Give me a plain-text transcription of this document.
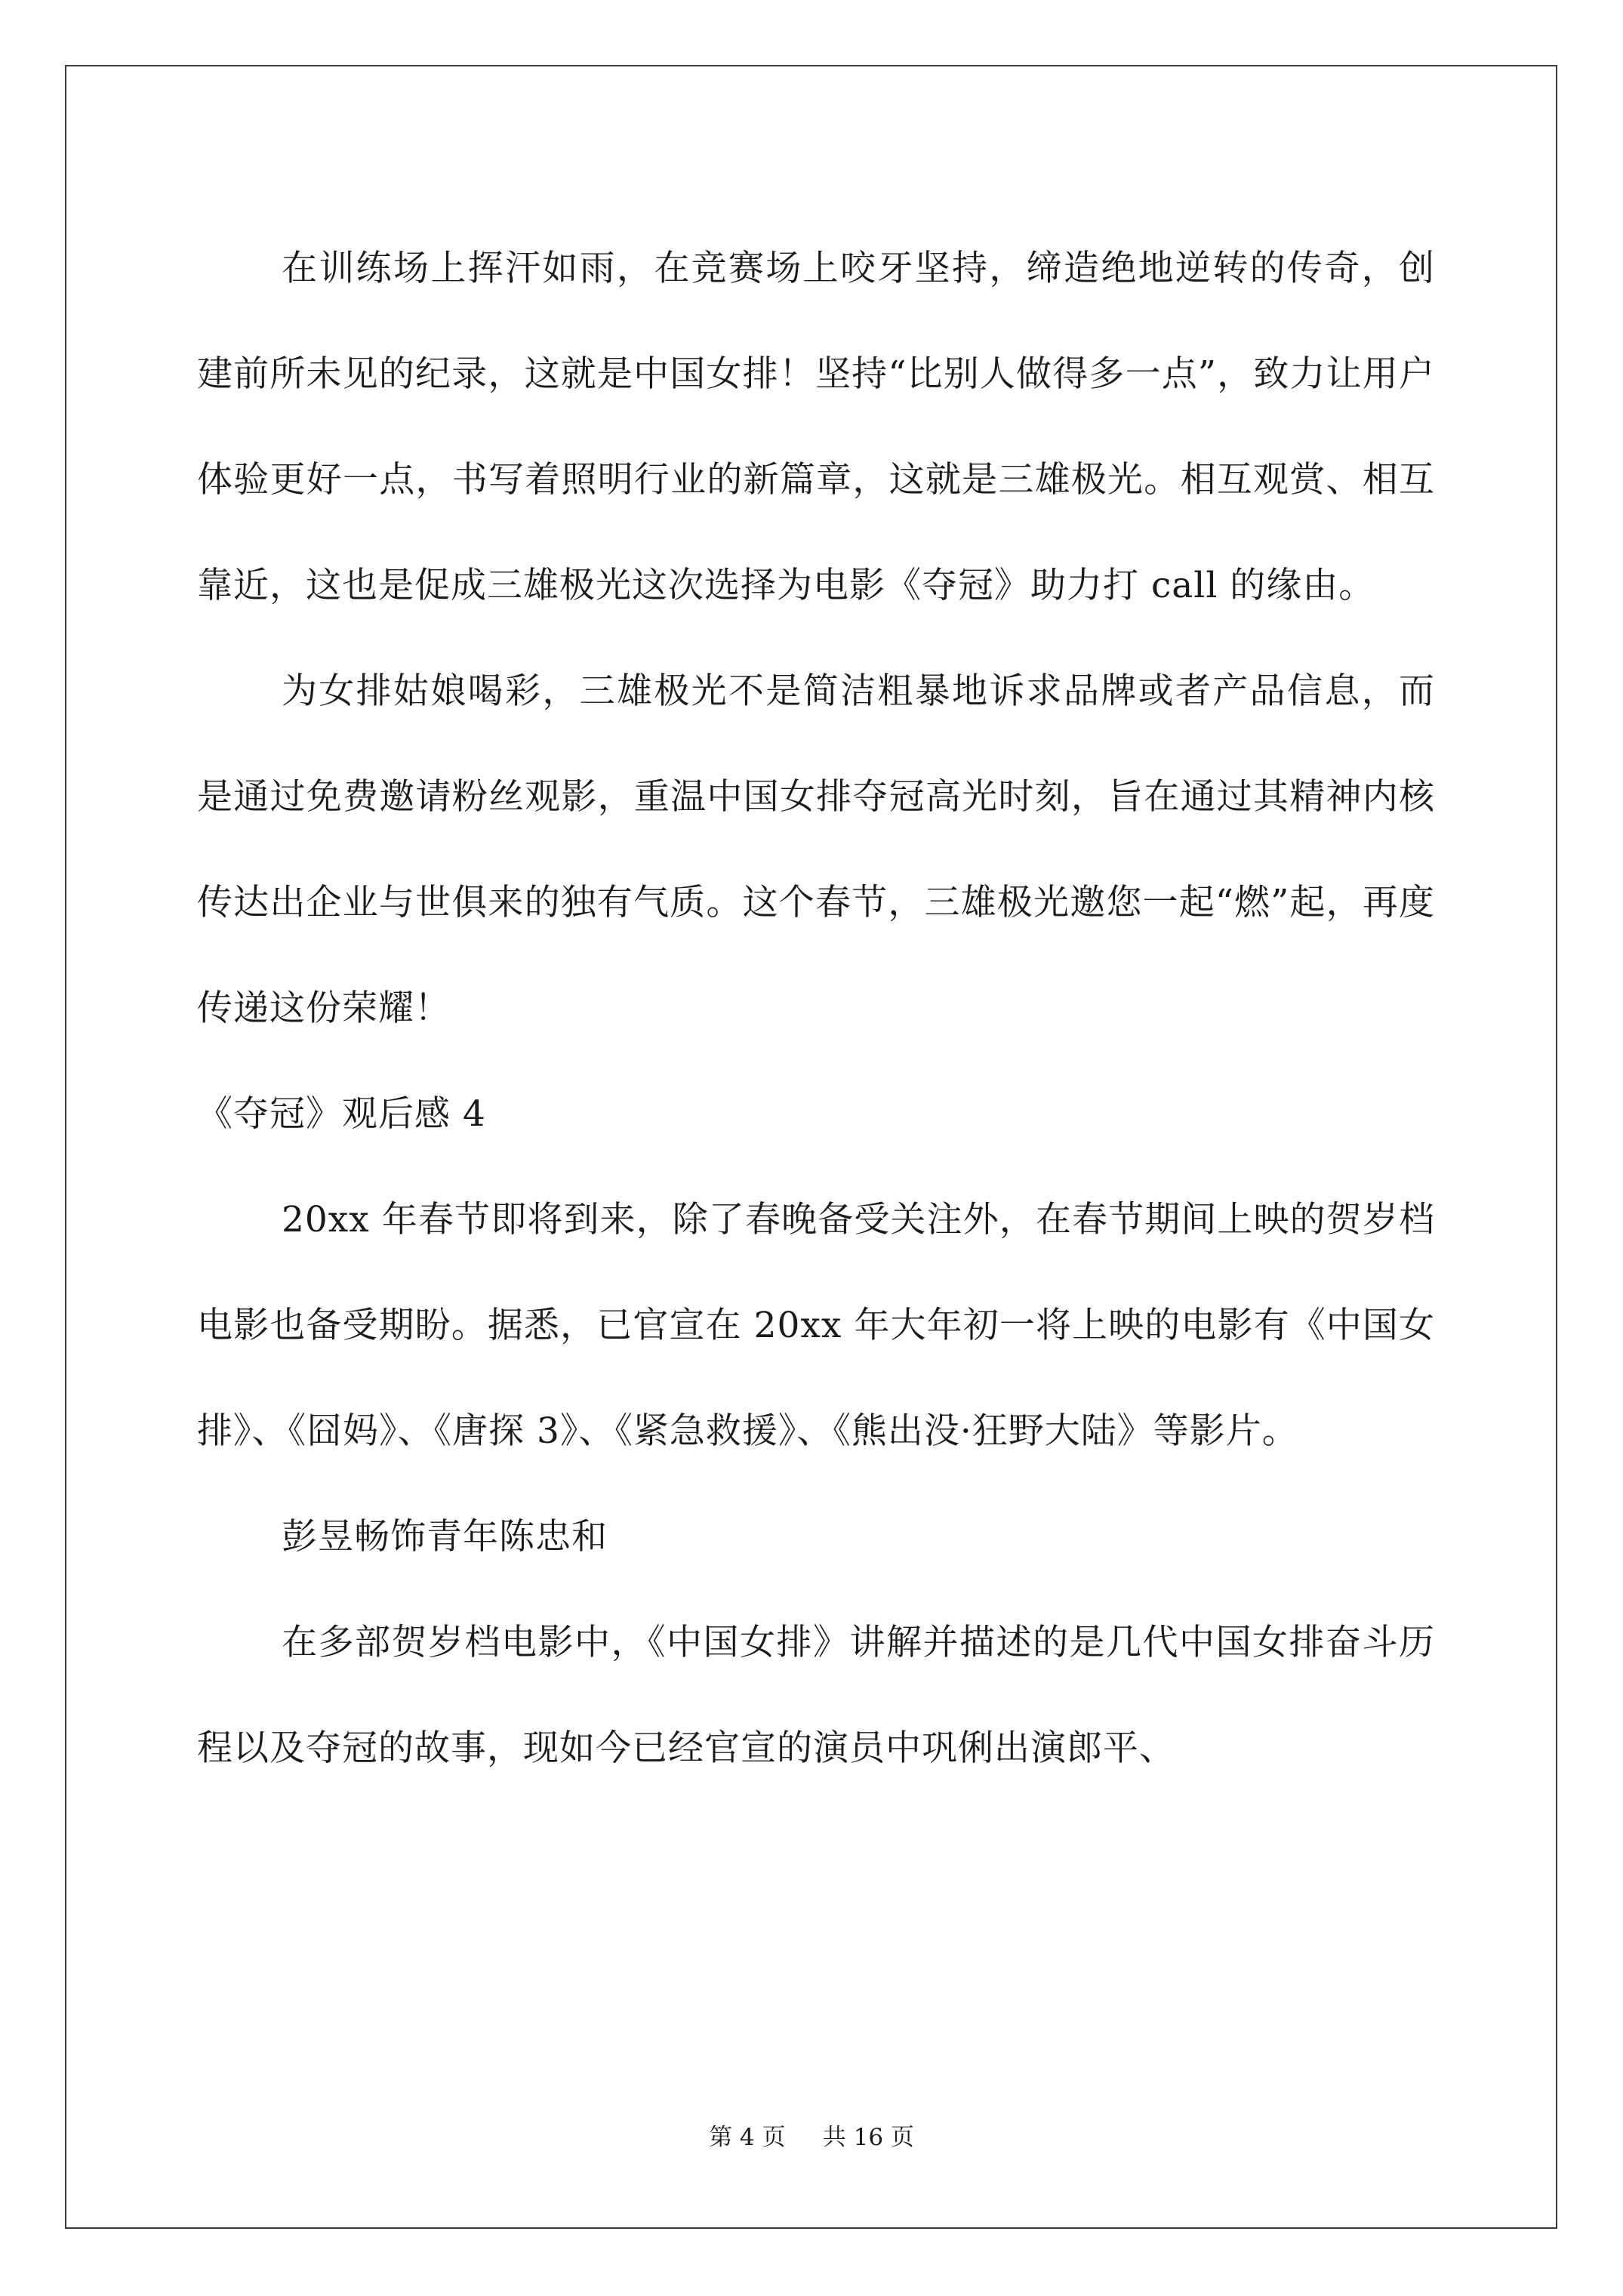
在训练场上挥汗如雨，在竞赛场上咬牙坚持，缔造绝地逆转的传奇，创建前所未见的纪录，这就是中国女排！坚持“比别人做得多一点”，致力让用户体验更好一点，书写着照明行业的新篇章，这就是三雄极光。相互观赏、相互靠近，这也是促成三雄极光这次选择为电影《夺冠》助力打 call 的缘由。

为女排姑娘喝彩，三雄极光不是简洁粗暴地诉求品牌或者产品信息，而是通过免费邀请粉丝观影，重温中国女排夺冠高光时刻，旨在通过其精神内核传达出企业与世俱来的独有气质。这个春节，三雄极光邀您一起“燃”起，再度传递这份荣耀！

《夺冠》观后感 4

20xx 年春节即将到来，除了春晚备受关注外，在春节期间上映的贺岁档电影也备受期盼。据悉，已官宣在 20xx 年大年初一将上映的电影有《中国女排》、《囧妈》、《唐探 3》、《紧急救援》、《熊出没·狂野大陆》等影片。

彭昱畅饰青年陈忠和

在多部贺岁档电影中，《中国女排》讲解并描述的是几代中国女排奋斗历程以及夺冠的故事，现如今已经官宣的演员中巩俐出演郎平、

第 4 页 共 16 页
